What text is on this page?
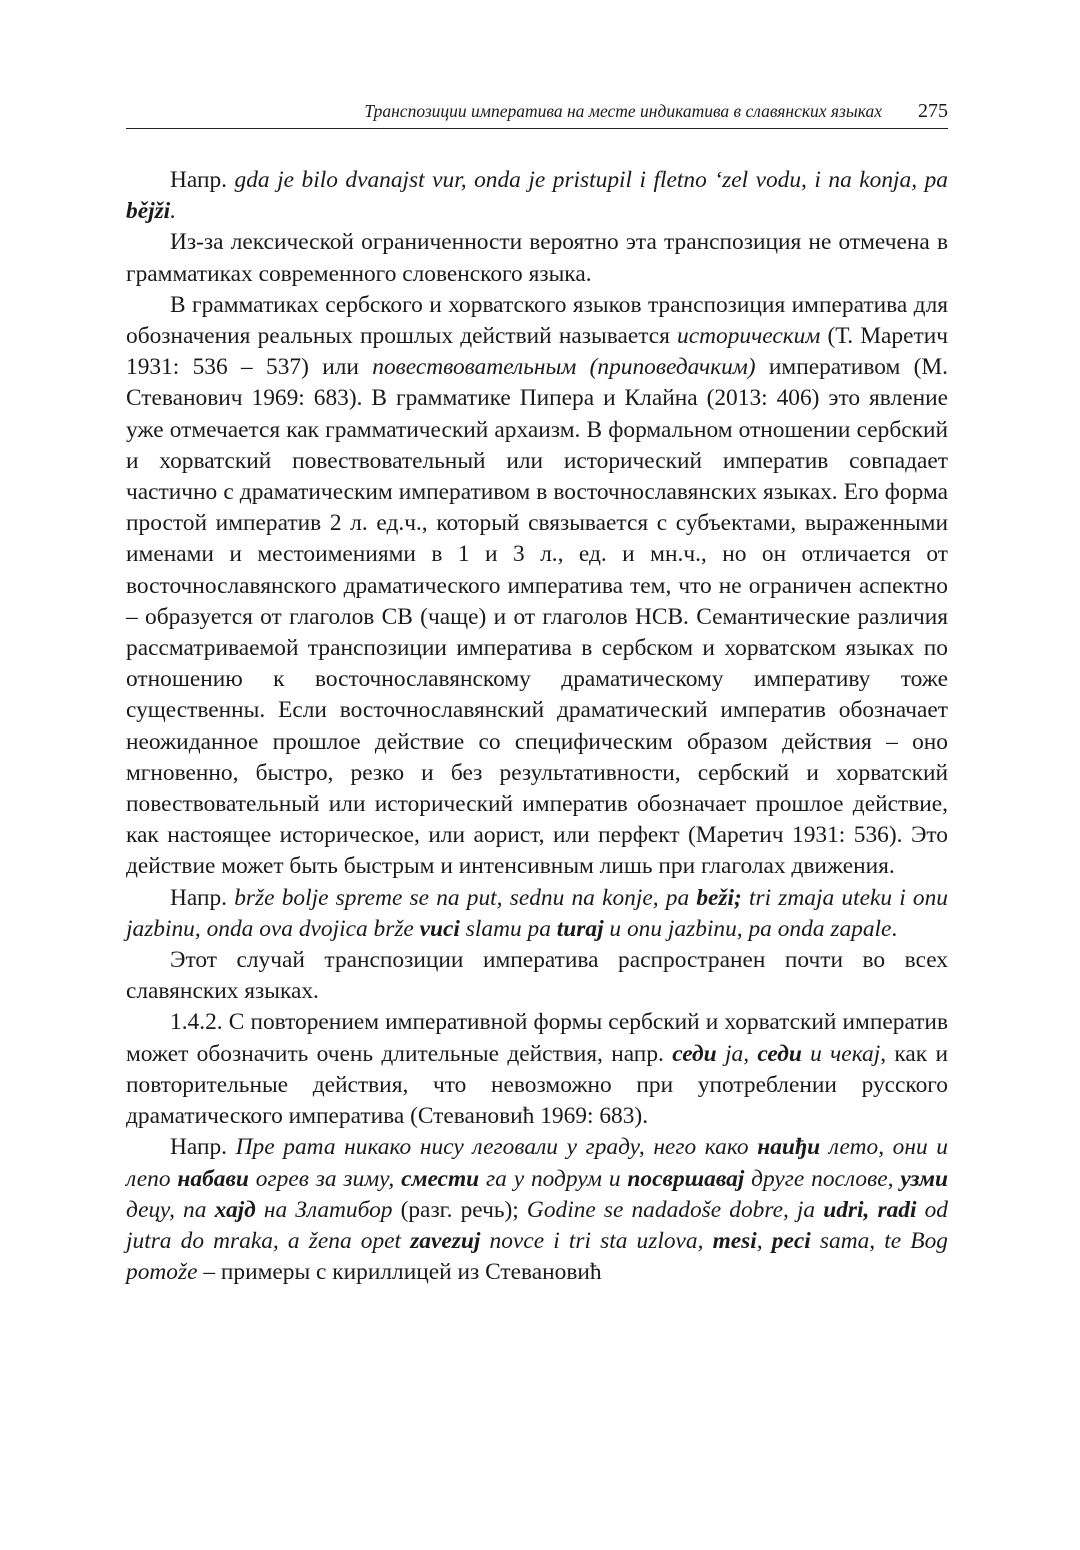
Транспозиции императива на месте индикатива в славянских языках 275

Напр. gda je bilo dvanajst vur, onda je pristupil i fletno ‘zel vodu, i na konja, pa bějži.

Из-за лексической ограниченности вероятно эта транспозиция не отмечена в грамматиках современного словенского языка.

В грамматиках сербского и хорватского языков транспозиция императива для обозначения реальных прошлых действий называется историческим (Т. Маретич 1931: 536 – 537) или повествовательным (приповедачким) императивом (М. Стеванович 1969: 683). В грамматике Пипера и Клайна (2013: 406) это явление уже отмечается как грамматический архаизм. В формальном отношении сербский и хорватский повествовательный или исторический императив совпадает частично с драматическим императивом в восточнославянских языках. Его форма простой императив 2 л. ед.ч., который связывается с субъектами, выраженными именами и местоимениями в 1 и 3 л., ед. и мн.ч., но он отличается от восточнославянского драматического императива тем, что не ограничен аспектно – образуется от глаголов СВ (чаще) и от глаголов НСВ. Семантические различия рассматриваемой транспозиции императива в сербском и хорватском языках по отношению к восточнославянскому драматическому императиву тоже существенны. Если восточнославянский драматический императив обозначает неожиданное прошлое действие со специфическим образом действия – оно мгновенно, быстро, резко и без результативности, сербский и хорватский повествовательный или исторический императив обозначает прошлое действие, как настоящее историческое, или аорист, или перфект (Маретич 1931: 536). Это действие может быть быстрым и интенсивным лишь при глаголах движения.

Напр. brže bolje spreme se na put, sednu na konje, pa beži; tri zmaja uteku i onu jazbinu, onda ova dvojica brže vuci slamu pa turaj u onu jazbinu, pa onda zapale.

Этот случай транспозиции императива распространен почти во всех славянских языках.

1.4.2. С повторением императивной формы сербский и хорватский императив может обозначить очень длительные действия, напр. седи ја, седи и чекај, как и повторительные действия, что невозможно при употреблении русского драматического императива (Стевановић 1969: 683).

Напр. Пре рата никако нису леговали у граду, него како наиђи лето, они и лепо набави огрев за зиму, смести га у подрум и посвршавај друге послове, узми децу, па хајд на Златибор (разг. речь); Godine se nadadoše dobre, ja udri, radi od jutra do mraka, a žena opet zavezuj novce i tri sta uzlova, mesi, peci sama, te Bog pomože – примеры с кириллицей из Стевановић
